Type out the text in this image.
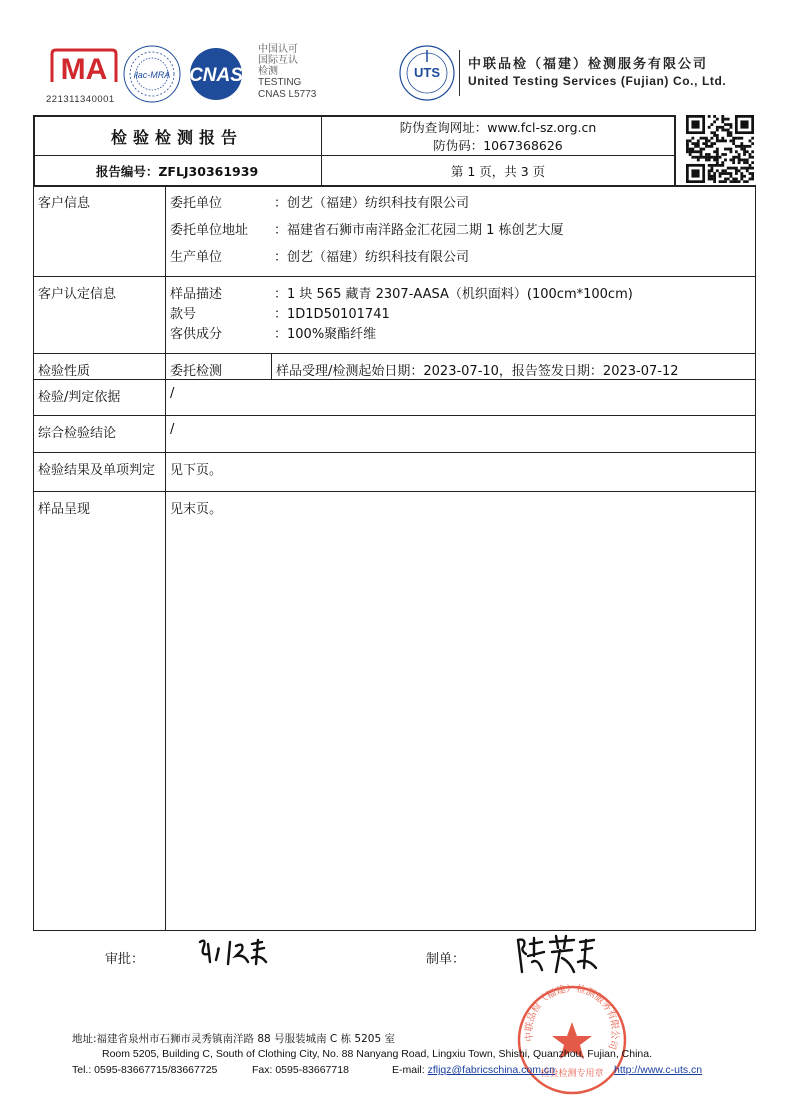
MA
221311340001
ilac-MRA CNAS
中国认可
国际互认
检测
TESTING
CNAS L5773
UTS
中联品检（福建）检测服务有限公司
United Testing Services (Fujian) Co., Ltd.
检验检测报告
防伪查询网址：www.fcl-sz.org.cn
防伪码：1067368626
报告编号：ZFLJ30361939	第 1 页，共 3 页
客户信息	委托单位	：创艺（福建）纺织科技有限公司
委托单位地址 ：福建省石狮市南洋路金汇花园二期 1 栋创艺大厦
生产单位	：创艺（福建）纺织科技有限公司
客户认定信息	样品描述	：1 块 565 藏青 2307-AASA（机织面料）(100cm*100cm)
款号	：1D1D50101741
客供成分	：100%聚酯纤维
检验性质	委托检测	样品受理/检测起始日期：2023-07-10，报告签发日期：2023-07-12
检验/判定依据	/
综合检验结论	/
检验结果及单项判定 见下页。
样品呈现	见末页。
审批：	制单：
中联品检（福建）检测服务有限公司
检验检测专用章
地址:福建省泉州市石狮市灵秀镇南洋路 88 号服装城南 C 栋 5205 室
Room 5205, Building C, South of Clothing City, No. 88 Nanyang Road, Lingxiu Town, Shishi, Quanzhou, Fujian, China.
Tel.: 0595-83667715/83667725	Fax: 0595-83667718	E-mail: zfljqz@fabricschina.com.cn	http://www.c-uts.cn
